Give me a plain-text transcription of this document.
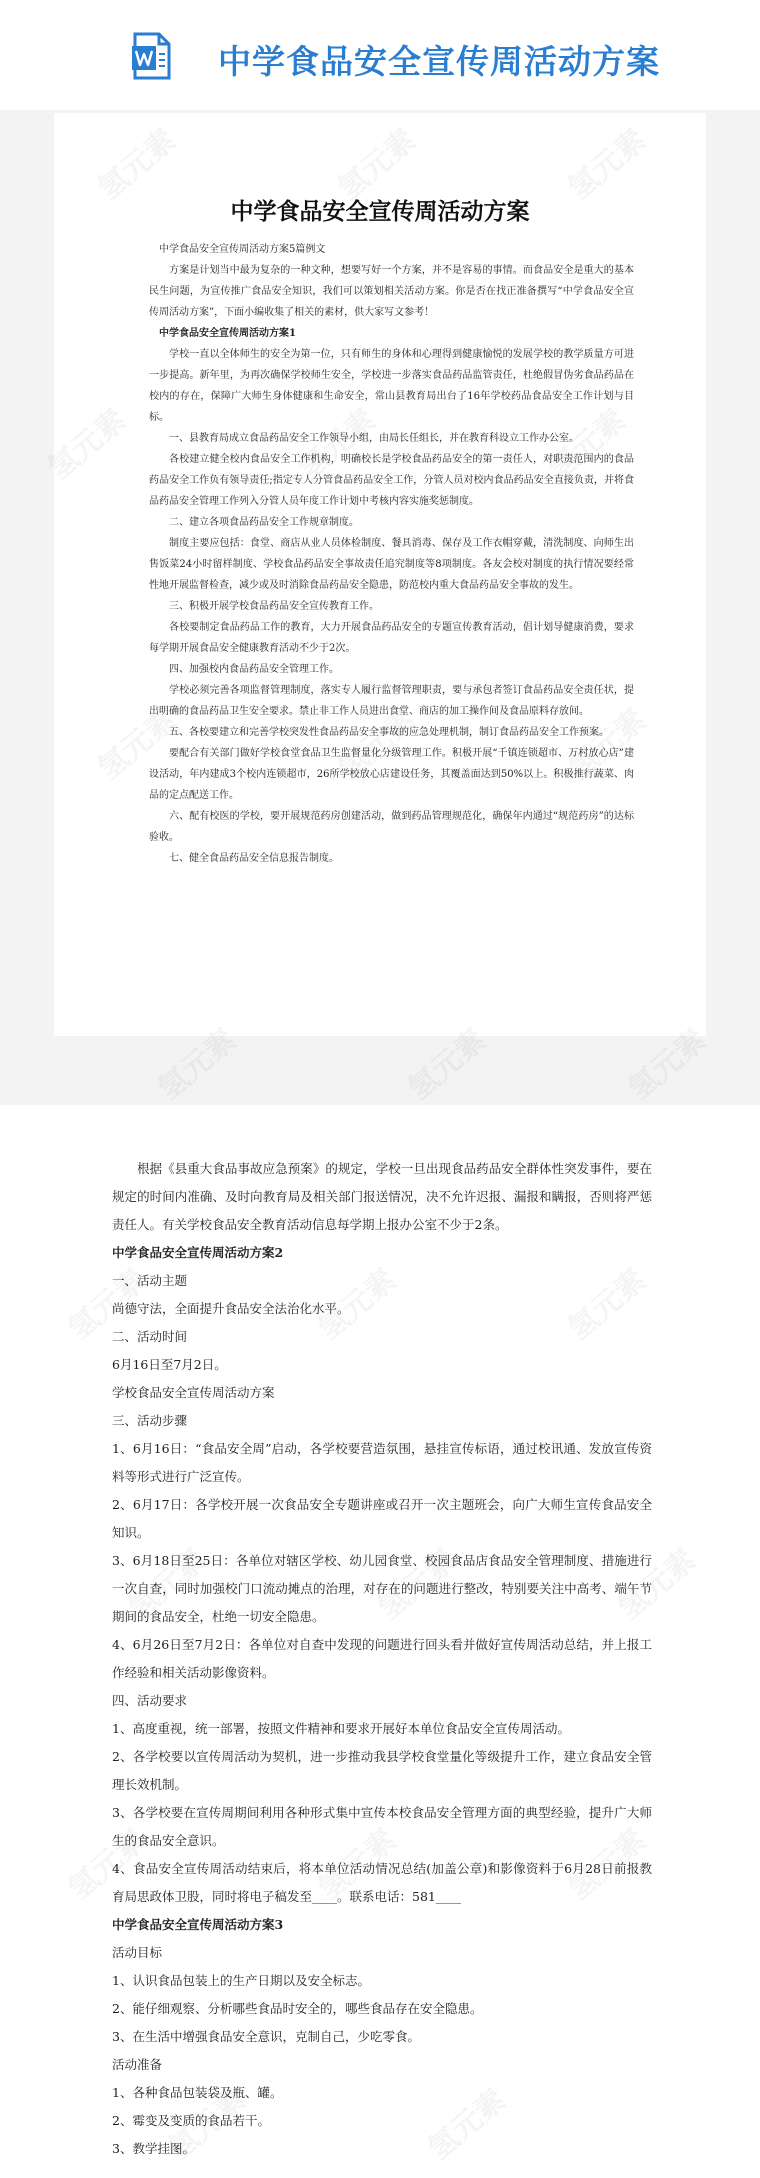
中学食品安全宣传周活动方案
中学食品安全宣传周活动方案

中学食品安全宣传周活动方案5篇例文

方案是计划当中最为复杂的一种文种，想要写好一个方案，并不是容易的事情。而食品安全是重大的基本民生问题，为宣传推广食品安全知识，我们可以策划相关活动方案。你是否在找正准备撰写“中学食品安全宣传周活动方案”，下面小编收集了相关的素材，供大家写文参考！

中学食品安全宣传周活动方案1

学校一直以全体师生的安全为第一位，只有师生的身体和心理得到健康愉悦的发展学校的教学质量方可进一步提高。新年里，为再次确保学校师生安全，学校进一步落实食品药品监管责任，杜绝假冒伪劣食品药品在校内的存在，保障广大师生身体健康和生命安全，常山县教育局出台了16年学校药品食品安全工作计划与目标。

一、县教育局成立食品药品安全工作领导小组，由局长任组长，并在教育科设立工作办公室。

各校建立健全校内食品安全工作机构，明确校长是学校食品药品安全的第一责任人，对职责范围内的食品药品安全工作负有领导责任;指定专人分管食品药品安全工作，分管人员对校内食品药品安全直接负责，并将食品药品安全管理工作列入分管人员年度工作计划中考核内容实施奖惩制度。

二、建立各项食品药品安全工作规章制度。

制度主要应包括：食堂、商店从业人员体检制度、餐具消毒、保存及工作衣帽穿戴，清洗制度、向师生出售饭菜24小时留样制度、学校食品药品安全事故责任追究制度等8项制度。各友会校对制度的执行情况要经常性地开展监督检查，减少或及时消除食品药品安全隐患，防范校内重大食品药品安全事故的发生。

三、积极开展学校食品药品安全宣传教育工作。

各校要制定食品药品工作的教育，大力开展食品药品安全的专题宣传教育活动，倡计划导健康消费，要求每学期开展食品安全健康教育活动不少于2次。

四、加强校内食品药品安全管理工作。

学校必须完善各项监督管理制度，落实专人履行监督管理职责，要与承包者签订食品药品安全责任状，提出明确的食品药品卫生安全要求。禁止非工作人员进出食堂、商店的加工操作间及食品原料存放间。

五、各校要建立和完善学校突发性食品药品安全事故的应急处理机制，制订食品药品安全工作预案。

要配合有关部门做好学校食堂食品卫生监督量化分级管理工作。积极开展“千镇连锁超市、万村放心店”建设活动，年内建成3个校内连锁超市，26所学校放心店建设任务，其覆盖面达到50%以上。积极推行蔬菜、肉品的定点配送工作。

六、配有校医的学校，要开展规范药房创建活动，做到药品管理规范化，确保年内通过“规范药房”的达标验收。

七、健全食品药品安全信息报告制度。

根据《县重大食品事故应急预案》的规定，学校一旦出现食品药品安全群体性突发事件，要在规定的时间内准确、及时向教育局及相关部门报送情况，决不允许迟报、漏报和瞒报，否则将严惩责任人。有关学校食品安全教育活动信息每学期上报办公室不少于2条。

中学食品安全宣传周活动方案2

一、活动主题

尚德守法，全面提升食品安全法治化水平。

二、活动时间

6月16日至7月2日。

学校食品安全宣传周活动方案

三、活动步骤

1、6月16日：“食品安全周”启动，各学校要营造氛围，悬挂宣传标语，通过校讯通、发放宣传资料等形式进行广泛宣传。

2、6月17日：各学校开展一次食品安全专题讲座或召开一次主题班会，向广大师生宣传食品安全知识。

3、6月18日至25日：各单位对辖区学校、幼儿园食堂、校园食品店食品安全管理制度、措施进行一次自查，同时加强校门口流动摊点的治理，对存在的问题进行整改，特别要关注中高考、端午节期间的食品安全，杜绝一切安全隐患。

4、6月26日至7月2日：各单位对自查中发现的问题进行回头看并做好宣传周活动总结，并上报工作经验和相关活动影像资料。

四、活动要求

1、高度重视，统一部署，按照文件精神和要求开展好本单位食品安全宣传周活动。

2、各学校要以宣传周活动为契机，进一步推动我县学校食堂量化等级提升工作，建立食品安全管理长效机制。

3、各学校要在宣传周期间利用各种形式集中宣传本校食品安全管理方面的典型经验，提升广大师生的食品安全意识。

4、食品安全宣传周活动结束后，将本单位活动情况总结(加盖公章)和影像资料于6月28日前报教育局思政体卫股，同时将电子稿发至____。联系电话：581____

中学食品安全宣传周活动方案3

活动目标

1、认识食品包装上的生产日期以及安全标志。

2、能仔细观察、分析哪些食品时安全的，哪些食品存在安全隐患。

3、在生活中增强食品安全意识，克制自己，少吃零食。

活动准备

1、各种食品包装袋及瓶、罐。

2、霉变及变质的食品若干。

3、教学挂图。
